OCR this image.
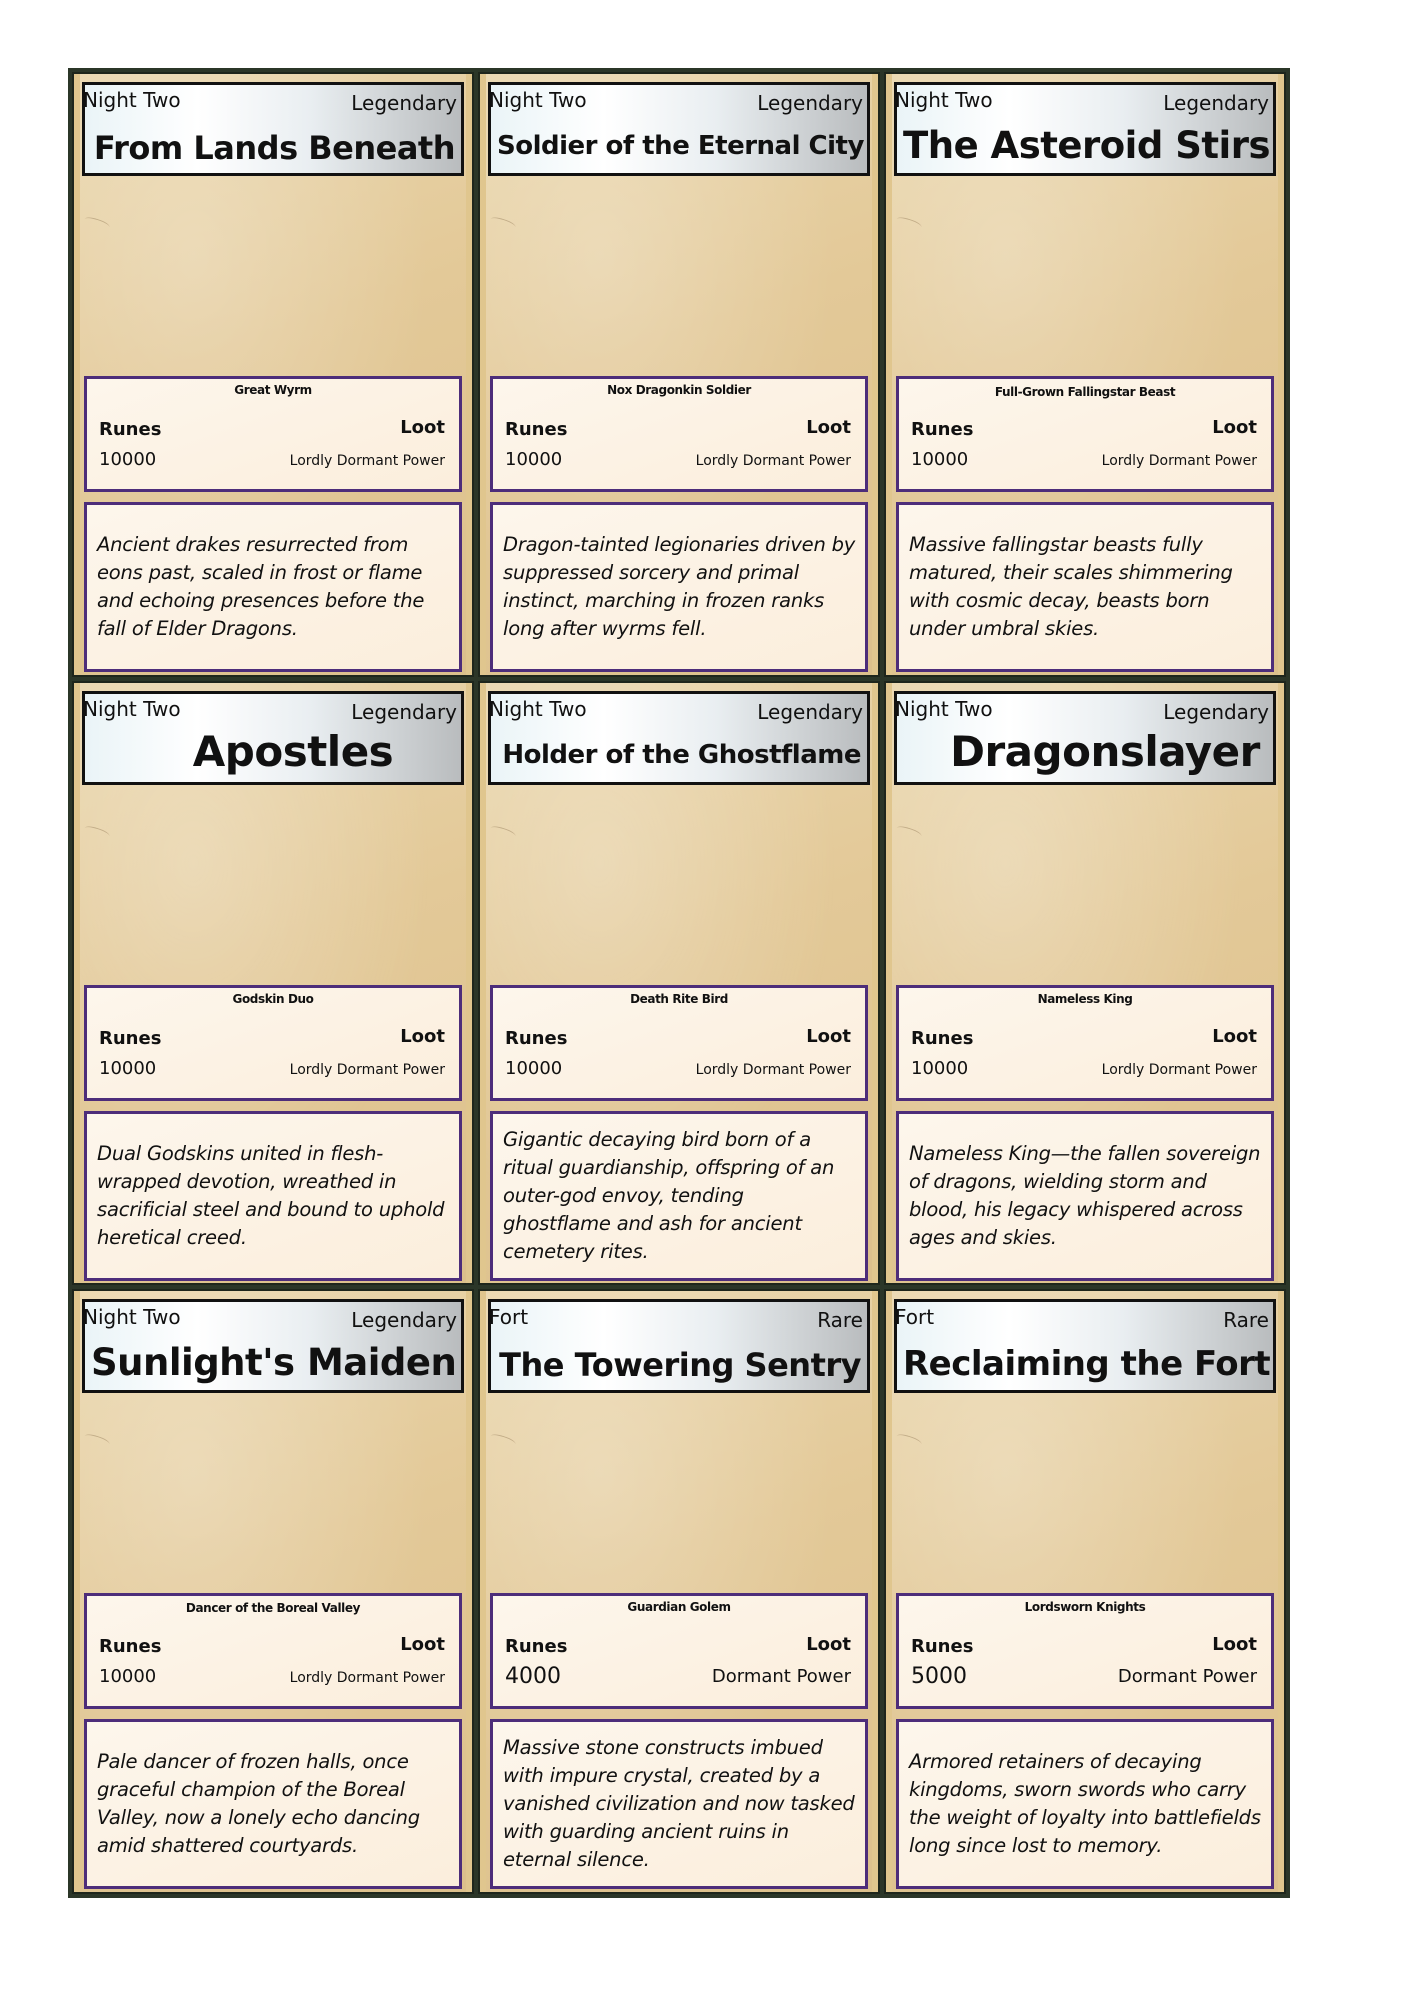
Night Two	Legendary
From Lands Beneath
Great Wyrm
Runes	Loot
10000	Lordly Dormant Power

Ancient drakes resurrected from eons past, scaled in frost or flame and echoing presences before the fall of Elder Dragons.

Night Two	Legendary
Soldier of the Eternal City
Nox Dragonkin Soldier
Runes	Loot
10000	Lordly Dormant Power

Dragon-tainted legionaries driven by suppressed sorcery and primal instinct, marching in frozen ranks long after wyrms fell.

Night Two	Legendary
The Asteroid Stirs
Full-Grown Fallingstar Beast
Runes	Loot
10000	Lordly Dormant Power

Massive fallingstar beasts fully matured, their scales shimmering with cosmic decay, beasts born under umbral skies.

Night Two	Legendary
Apostles
Godskin Duo
Runes	Loot
10000	Lordly Dormant Power

Dual Godskins united in flesh-wrapped devotion, wreathed in sacrificial steel and bound to uphold heretical creed.

Night Two	Legendary
Holder of the Ghostflame
Death Rite Bird
Runes	Loot
10000	Lordly Dormant Power

Gigantic decaying bird born of a ritual guardianship, offspring of an outer-god envoy, tending ghostflame and ash for ancient cemetery rites.

Night Two	Legendary
Dragonslayer
Nameless King
Runes	Loot
10000	Lordly Dormant Power

Nameless King—the fallen sovereign of dragons, wielding storm and blood, his legacy whispered across ages and skies.

Night Two	Legendary
Sunlight's Maiden
Dancer of the Boreal Valley
Runes	Loot
10000	Lordly Dormant Power

Pale dancer of frozen halls, once graceful champion of the Boreal Valley, now a lonely echo dancing amid shattered courtyards.

Fort	Rare
The Towering Sentry
Guardian Golem
Runes	Loot
4000	Dormant Power

Massive stone constructs imbued with impure crystal, created by a vanished civilization and now tasked with guarding ancient ruins in eternal silence.

Fort	Rare
Reclaiming the Fort
Lordsworn Knights
Runes	Loot
5000	Dormant Power

Armored retainers of decaying kingdoms, sworn swords who carry the weight of loyalty into battlefields long since lost to memory.
